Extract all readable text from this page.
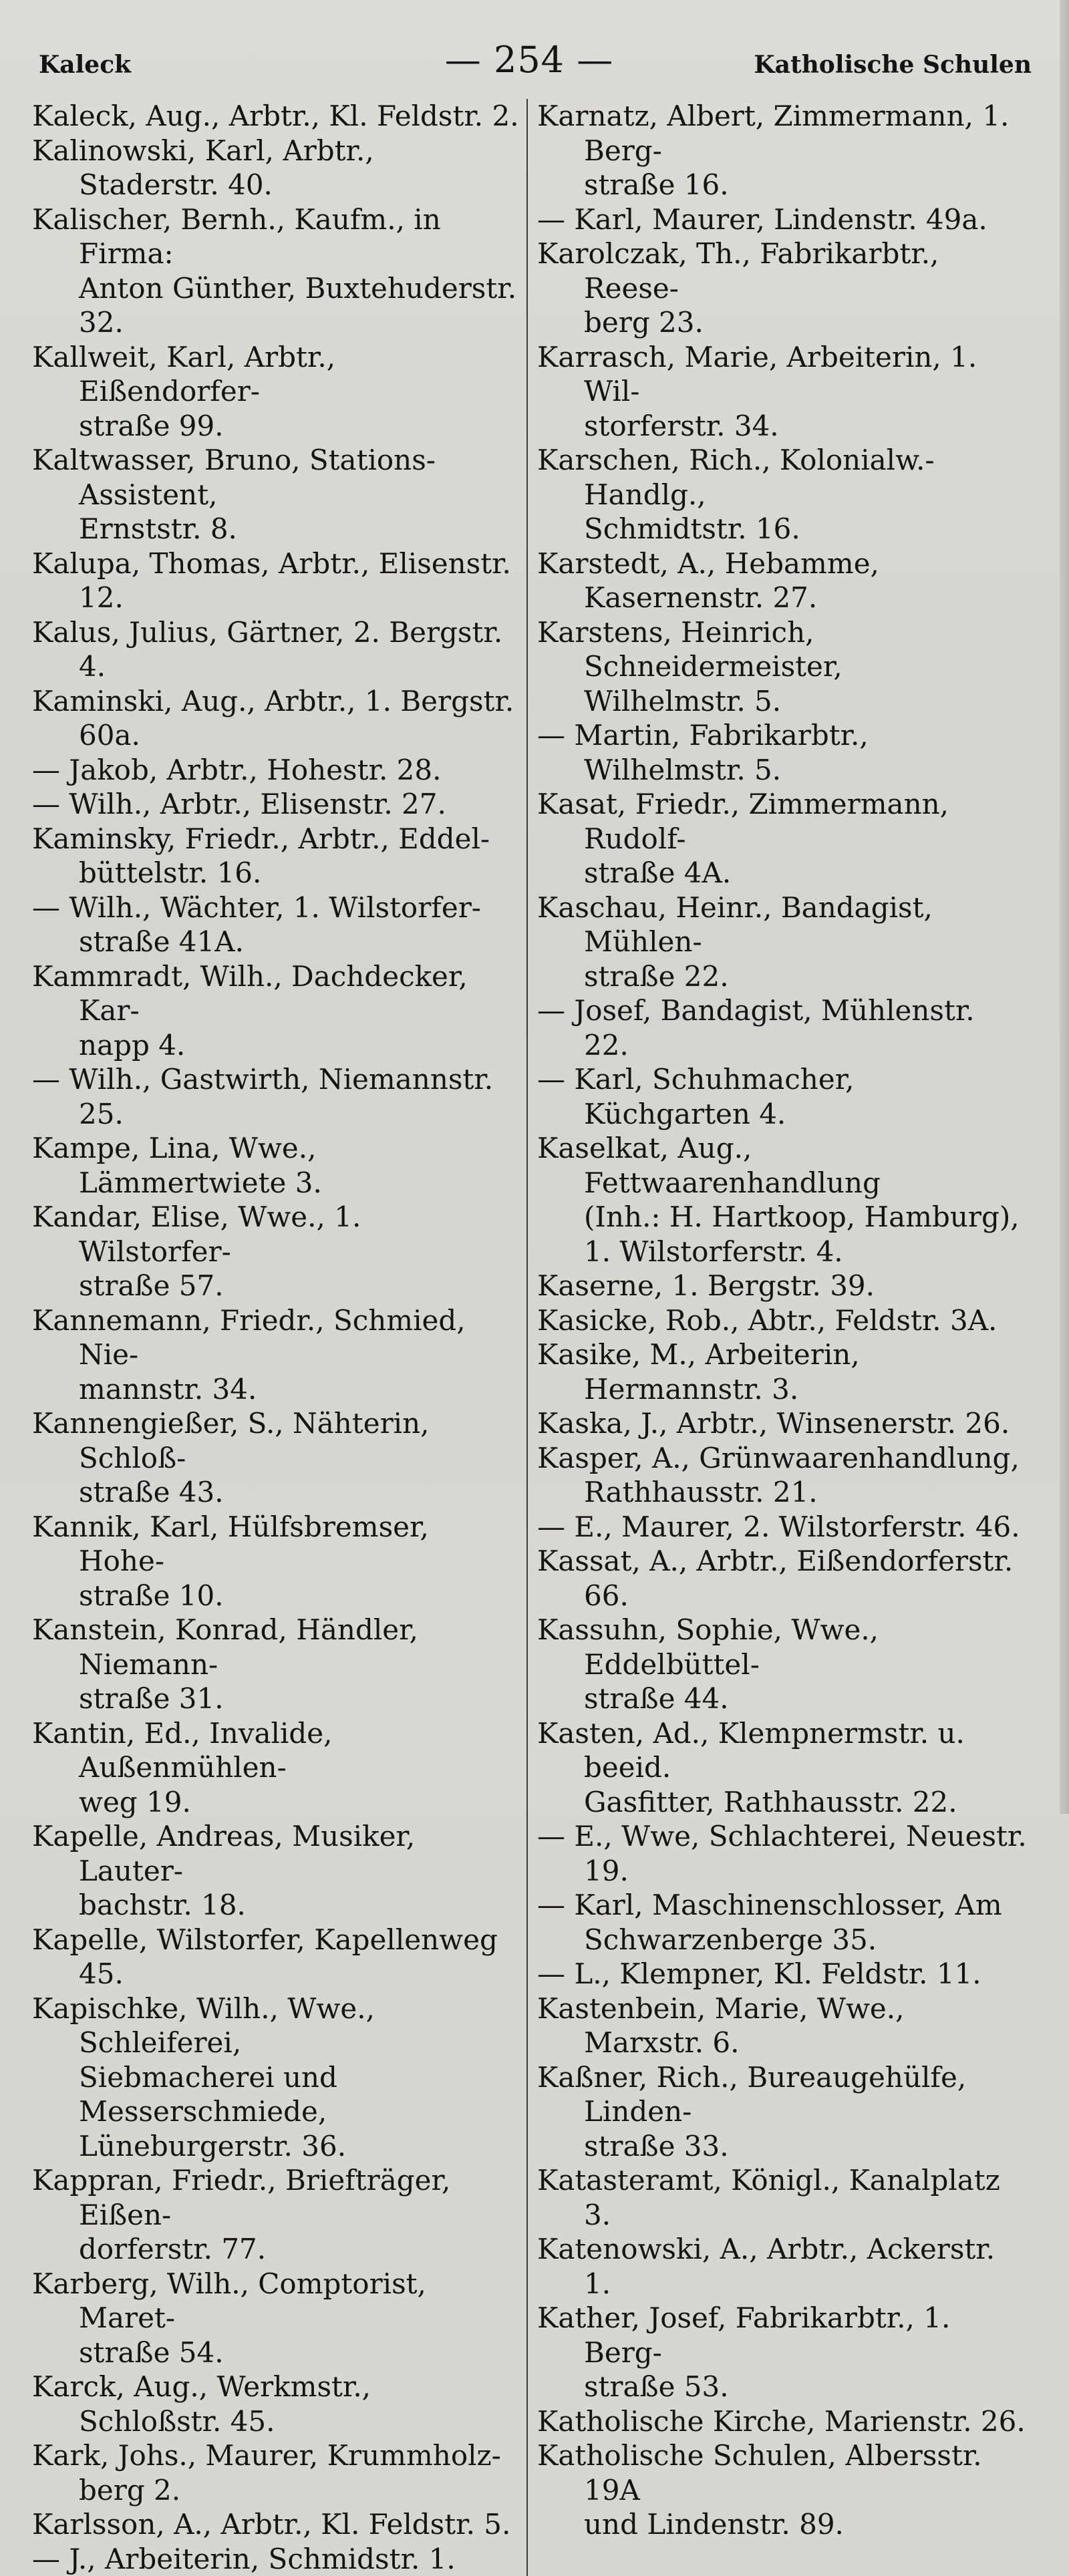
Kaleck	— 254 —	Katholische Schulen
Kaleck, Aug., Arbtr., Kl. Feldstr. 2.
Kalinowski, Karl, Arbtr., Staderstr. 40.
Kalischer, Bernh., Kaufm., in Firma:
Anton Günther, Buxtehuderstr. 32.
Kallweit, Karl, Arbtr., Eißendorfer-
straße 99.
Kaltwasser, Bruno, Stations-Assistent,
Ernststr. 8.
Kalupa, Thomas, Arbtr., Elisenstr. 12.
Kalus, Julius, Gärtner, 2. Bergstr. 4.
Kaminski, Aug., Arbtr., 1. Bergstr. 60a.
— Jakob, Arbtr., Hohestr. 28.
— Wilh., Arbtr., Elisenstr. 27.
Kaminsky, Friedr., Arbtr., Eddel-
büttelstr. 16.
— Wilh., Wächter, 1. Wilstorfer-
straße 41A.
Kammradt, Wilh., Dachdecker, Kar-
napp 4.
— Wilh., Gastwirth, Niemannstr. 25.
Kampe, Lina, Wwe., Lämmertwiete 3.
Kandar, Elise, Wwe., 1. Wilstorfer-
straße 57.
Kannemann, Friedr., Schmied, Nie-
mannstr. 34.
Kannengießer, S., Nähterin, Schloß-
straße 43.
Kannik, Karl, Hülfsbremser, Hohe-
straße 10.
Kanstein, Konrad, Händler, Niemann-
straße 31.
Kantin, Ed., Invalide, Außenmühlen-
weg 19.
Kapelle, Andreas, Musiker, Lauter-
bachstr. 18.
Kapelle, Wilstorfer, Kapellenweg 45.
Kapischke, Wilh., Wwe., Schleiferei,
Siebmacherei und Messerschmiede,
Lüneburgerstr. 36.
Kappran, Friedr., Briefträger, Eißen-
dorferstr. 77.
Karberg, Wilh., Comptorist, Maret-
straße 54.
Karck, Aug., Werkmstr., Schloßstr. 45.
Kark, Johs., Maurer, Krummholz-
berg 2.
Karlsson, A., Arbtr., Kl. Feldstr. 5.
— J., Arbeiterin, Schmidstr. 1.
Karnatz, Albert, Zimmermann, 1. Berg-
straße 16.
— Karl, Maurer, Lindenstr. 49a.
Karolczak, Th., Fabrikarbtr., Reese-
berg 23.
Karrasch, Marie, Arbeiterin, 1. Wil-
storferstr. 34.
Karschen, Rich., Kolonialw.-Handlg.,
Schmidtstr. 16.
Karstedt, A., Hebamme, Kasernenstr. 27.
Karstens, Heinrich, Schneidermeister,
Wilhelmstr. 5.
— Martin, Fabrikarbtr., Wilhelmstr. 5.
Kasat, Friedr., Zimmermann, Rudolf-
straße 4A.
Kaschau, Heinr., Bandagist, Mühlen-
straße 22.
— Josef, Bandagist, Mühlenstr. 22.
— Karl, Schuhmacher, Küchgarten 4.
Kaselkat, Aug., Fettwaarenhandlung
(Inh.: H. Hartkoop, Hamburg),
1. Wilstorferstr. 4.
Kaserne, 1. Bergstr. 39.
Kasicke, Rob., Abtr., Feldstr. 3A.
Kasike, M., Arbeiterin, Hermannstr. 3.
Kaska, J., Arbtr., Winsenerstr. 26.
Kasper, A., Grünwaarenhandlung,
Rathhausstr. 21.
— E., Maurer, 2. Wilstorferstr. 46.
Kassat, A., Arbtr., Eißendorferstr. 66.
Kassuhn, Sophie, Wwe., Eddelbüttel-
straße 44.
Kasten, Ad., Klempnermstr. u. beeid.
Gasfitter, Rathhausstr. 22.
— E., Wwe, Schlachterei, Neuestr. 19.
— Karl, Maschinenschlosser, Am
Schwarzenberge 35.
— L., Klempner, Kl. Feldstr. 11.
Kastenbein, Marie, Wwe., Marxstr. 6.
Kaßner, Rich., Bureaugehülfe, Linden-
straße 33.
Katasteramt, Königl., Kanalplatz 3.
Katenowski, A., Arbtr., Ackerstr. 1.
Kather, Josef, Fabrikarbtr., 1. Berg-
straße 53.
Katholische Kirche, Marienstr. 26.
Katholische Schulen, Albersstr. 19A
und Lindenstr. 89.
